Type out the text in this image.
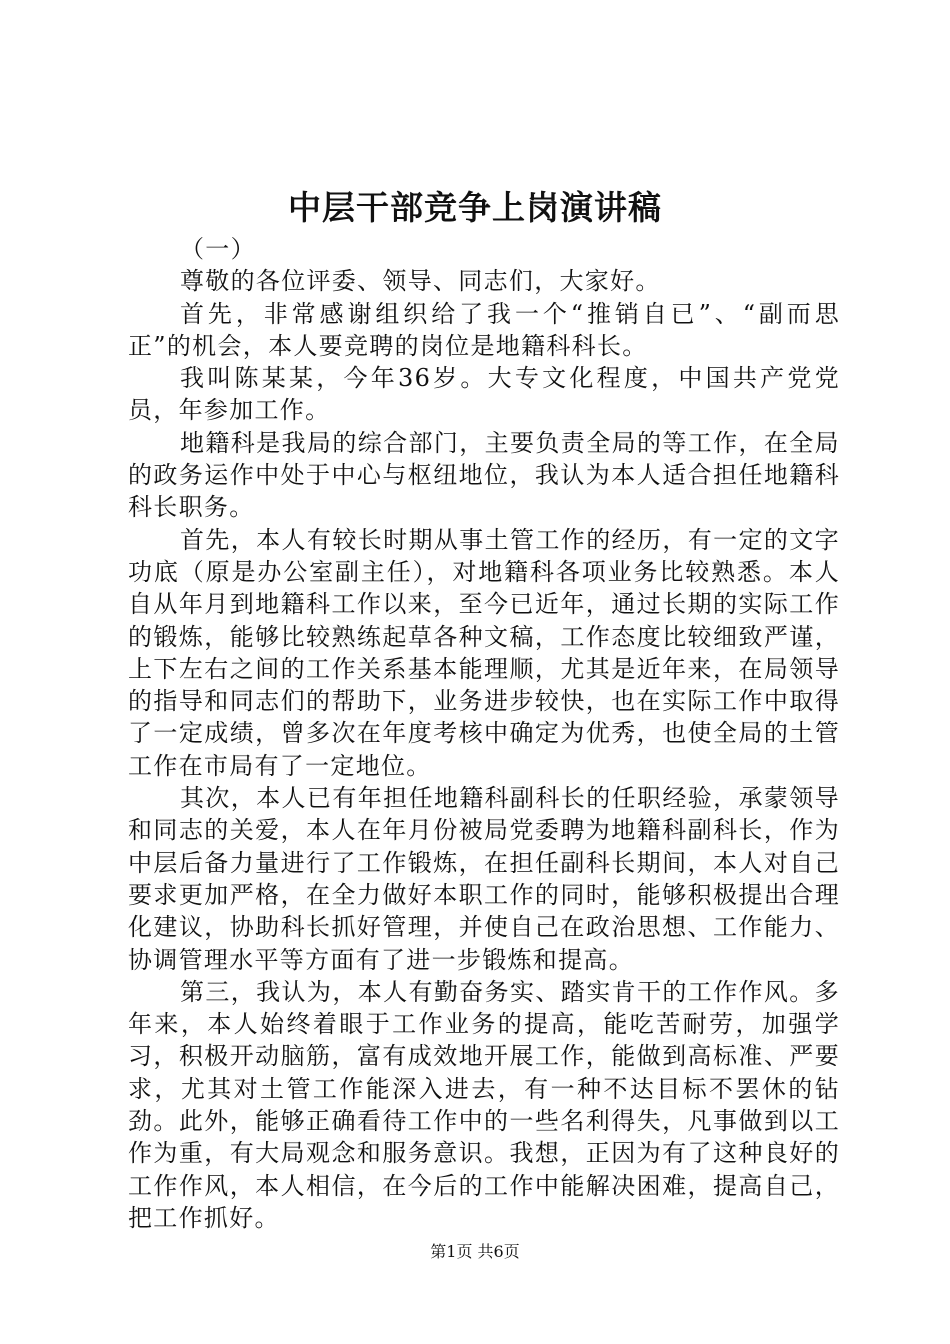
中层干部竞争上岗演讲稿

（一）

尊敬的各位评委、领导、同志们，大家好。

首先，非常感谢组织给了我一个“推销自已”、“副而思正”的机会，本人要竞聘的岗位是地籍科科长。

我叫陈某某，今年36岁。大专文化程度，中国共产党党员，年参加工作。

地籍科是我局的综合部门，主要负责全局的等工作，在全局的政务运作中处于中心与枢纽地位，我认为本人适合担任地籍科科长职务。

首先，本人有较长时期从事土管工作的经历，有一定的文字功底（原是办公室副主任），对地籍科各项业务比较熟悉。本人自从年月到地籍科工作以来，至今已近年，通过长期的实际工作的锻炼，能够比较熟练起草各种文稿，工作态度比较细致严谨，上下左右之间的工作关系基本能理顺，尤其是近年来，在局领导的指导和同志们的帮助下，业务进步较快，也在实际工作中取得了一定成绩，曾多次在年度考核中确定为优秀，也使全局的土管工作在市局有了一定地位。

其次，本人已有年担任地籍科副科长的任职经验，承蒙领导和同志的关爱，本人在年月份被局党委聘为地籍科副科长，作为中层后备力量进行了工作锻炼，在担任副科长期间，本人对自己要求更加严格，在全力做好本职工作的同时，能够积极提出合理化建议，协助科长抓好管理，并使自己在政治思想、工作能力、协调管理水平等方面有了进一步锻炼和提高。

第三，我认为，本人有勤奋务实、踏实肯干的工作作风。多年来，本人始终着眼于工作业务的提高，能吃苦耐劳，加强学习，积极开动脑筋，富有成效地开展工作，能做到高标准、严要求，尤其对土管工作能深入进去，有一种不达目标不罢休的钻劲。此外，能够正确看待工作中的一些名利得失，凡事做到以工作为重，有大局观念和服务意识。我想，正因为有了这种良好的工作作风，本人相信，在今后的工作中能解决困难，提高自己，把工作抓好。

第1页 共6页
